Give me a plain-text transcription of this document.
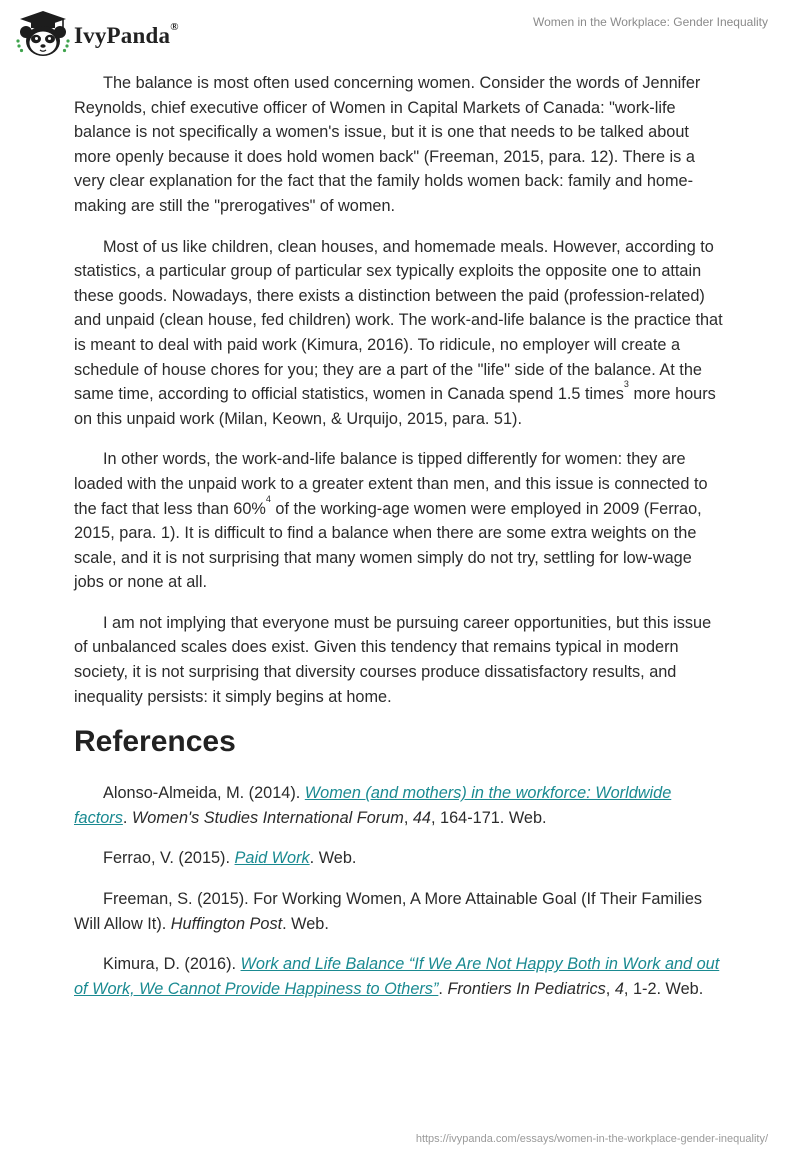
IvyPanda®	Women in the Workplace: Gender Inequality

The balance is most often used concerning women. Consider the words of Jennifer Reynolds, chief executive officer of Women in Capital Markets of Canada: "work-life balance is not specifically a women's issue, but it is one that needs to be talked about more openly because it does hold women back" (Freeman, 2015, para. 12). There is a very clear explanation for the fact that the family holds women back: family and home-making are still the "prerogatives" of women.

Most of us like children, clean houses, and homemade meals. However, according to statistics, a particular group of particular sex typically exploits the opposite one to attain these goods. Nowadays, there exists a distinction between the paid (profession-related) and unpaid (clean house, fed children) work. The work-and-life balance is the practice that is meant to deal with paid work (Kimura, 2016). To ridicule, no employer will create a schedule of house chores for you; they are a part of the "life" side of the balance. At the same time, according to official statistics, women in Canada spend 1.5 times$^3$ more hours on this unpaid work (Milan, Keown, & Urquijo, 2015, para. 51).

In other words, the work-and-life balance is tipped differently for women: they are loaded with the unpaid work to a greater extent than men, and this issue is connected to the fact that less than 60%$^4$ of the working-age women were employed in 2009 (Ferrao, 2015, para. 1). It is difficult to find a balance when there are some extra weights on the scale, and it is not surprising that many women simply do not try, settling for low-wage jobs or none at all.

I am not implying that everyone must be pursuing career opportunities, but this issue of unbalanced scales does exist. Given this tendency that remains typical in modern society, it is not surprising that diversity courses produce dissatisfactory results, and inequality persists: it simply begins at home.

References

Alonso-Almeida, M. (2014). Women (and mothers) in the workforce: Worldwide factors. Women's Studies International Forum, 44, 164-171. Web.

Ferrao, V. (2015). Paid Work. Web.

Freeman, S. (2015). For Working Women, A More Attainable Goal (If Their Families Will Allow It). Huffington Post. Web.

Kimura, D. (2016). Work and Life Balance “If We Are Not Happy Both in Work and out of Work, We Cannot Provide Happiness to Others”. Frontiers In Pediatrics, 4, 1-2. Web.

https://ivypanda.com/essays/women-in-the-workplace-gender-inequality/
